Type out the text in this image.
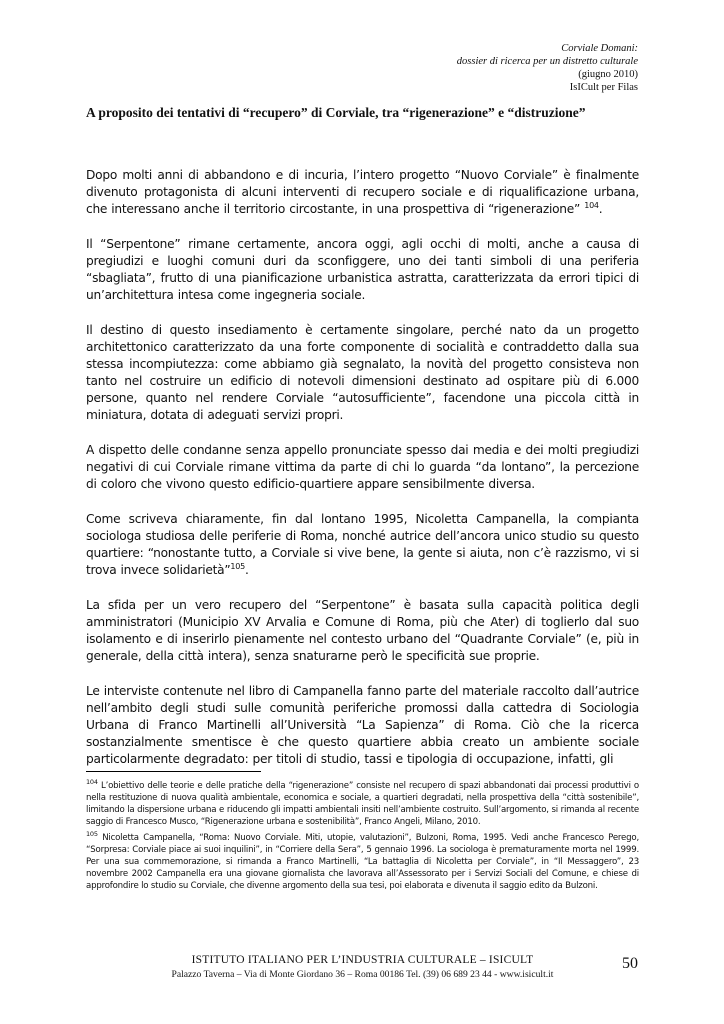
Corviale Domani:
dossier di ricerca per un distretto culturale
(giugno 2010)
IsICult per Filas
A proposito dei tentativi di “recupero” di Corviale, tra “rigenerazione” e “distruzione”

Dopo molti anni di abbandono e di incuria, l’intero progetto “Nuovo Corviale” è finalmente divenuto protagonista di alcuni interventi di recupero sociale e di riqualificazione urbana, che interessano anche il territorio circostante, in una prospettiva di “rigenerazione” $^{104}$.

Il “Serpentone” rimane certamente, ancora oggi, agli occhi di molti, anche a causa di pregiudizi e luoghi comuni duri da sconfiggere, uno dei tanti simboli di una periferia “sbagliata”, frutto di una pianificazione urbanistica astratta, caratterizzata da errori tipici di un’architettura intesa come ingegneria sociale.

Il destino di questo insediamento è certamente singolare, perché nato da un progetto architettonico caratterizzato da una forte componente di socialità e contraddetto dalla sua stessa incompiutezza: come abbiamo già segnalato, la novità del progetto consisteva non tanto nel costruire un edificio di notevoli dimensioni destinato ad ospitare più di 6.000 persone, quanto nel rendere Corviale “autosufficiente”, facendone una piccola città in miniatura, dotata di adeguati servizi propri.

A dispetto delle condanne senza appello pronunciate spesso dai media e dei molti pregiudizi negativi di cui Corviale rimane vittima da parte di chi lo guarda “da lontano”, la percezione di coloro che vivono questo edificio-quartiere appare sensibilmente diversa.

Come scriveva chiaramente, fin dal lontano 1995, Nicoletta Campanella, la compianta sociologa studiosa delle periferie di Roma, nonché autrice dell’ancora unico studio su questo quartiere: “nonostante tutto, a Corviale si vive bene, la gente si aiuta, non c’è razzismo, vi si trova invece solidarietà”$^{105}$.

La sfida per un vero recupero del “Serpentone” è basata sulla capacità politica degli amministratori (Municipio XV Arvalia e Comune di Roma, più che Ater) di toglierlo dal suo isolamento e di inserirlo pienamente nel contesto urbano del “Quadrante Corviale” (e, più in generale, della città intera), senza snaturarne però le specificità sue proprie.

Le interviste contenute nel libro di Campanella fanno parte del materiale raccolto dall’autrice nell’ambito degli studi sulle comunità periferiche promossi dalla cattedra di Sociologia Urbana di Franco Martinelli all’Università “La Sapienza” di Roma. Ciò che la ricerca sostanzialmente smentisce è che questo quartiere abbia creato un ambiente sociale particolarmente degradato: per titoli di studio, tassi e tipologia di occupazione, infatti, gli

$^{104}$ L’obiettivo delle teorie e delle pratiche della “rigenerazione” consiste nel recupero di spazi abbandonati dai processi produttivi o nella restituzione di nuova qualità ambientale, economica e sociale, a quartieri degradati, nella prospettiva della “città sostenibile”, limitando la dispersione urbana e riducendo gli impatti ambientali insiti nell’ambiente costruito. Sull’argomento, si rimanda al recente saggio di Francesco Musco, “Rigenerazione urbana e sostenibilità”, Franco Angeli, Milano, 2010.

$^{105}$ Nicoletta Campanella, “Roma: Nuovo Corviale. Miti, utopie, valutazioni”, Bulzoni, Roma, 1995. Vedi anche Francesco Perego, “Sorpresa: Corviale piace ai suoi inquilini”, in “Corriere della Sera”, 5 gennaio 1996. La sociologa è prematuramente morta nel 1999. Per una sua commemorazione, si rimanda a Franco Martinelli, “La battaglia di Nicoletta per Corviale”, in “Il Messaggero”, 23 novembre 2002 Campanella era una giovane giornalista che lavorava all’Assessorato per i Servizi Sociali del Comune, e chiese di approfondire lo studio su Corviale, che divenne argomento della sua tesi, poi elaborata e divenuta il saggio edito da Bulzoni.

ISTITUTO ITALIANO PER L’INDUSTRIA CULTURALE – ISICULT
Palazzo Taverna – Via di Monte Giordano 36 – Roma 00186 Tel. (39) 06 689 23 44 - www.isicult.it
50
